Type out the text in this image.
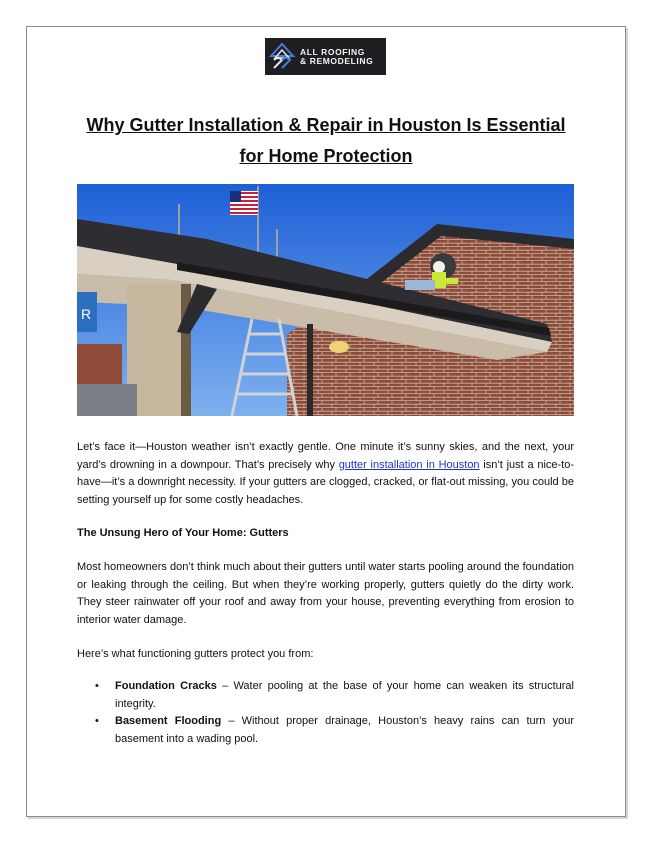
ALL ROOFING
& REMODELING
Why Gutter Installation & Repair in Houston Is Essential for Home Protection
R
Let’s face it—Houston weather isn’t exactly gentle. One minute it’s sunny skies, and the next, your yard’s drowning in a downpour. That’s precisely why gutter installation in Houston isn’t just a nice-to-have—it’s a downright necessity. If your gutters are clogged, cracked, or flat-out missing, you could be setting yourself up for some costly headaches.
The Unsung Hero of Your Home: Gutters
Most homeowners don’t think much about their gutters until water starts pooling around the foundation or leaking through the ceiling. But when they’re working properly, gutters quietly do the dirty work. They steer rainwater off your roof and away from your house, preventing everything from erosion to interior water damage.
Here’s what functioning gutters protect you from:
• Foundation Cracks – Water pooling at the base of your home can weaken its structural integrity.
• Basement Flooding – Without proper drainage, Houston’s heavy rains can turn your basement into a wading pool.
